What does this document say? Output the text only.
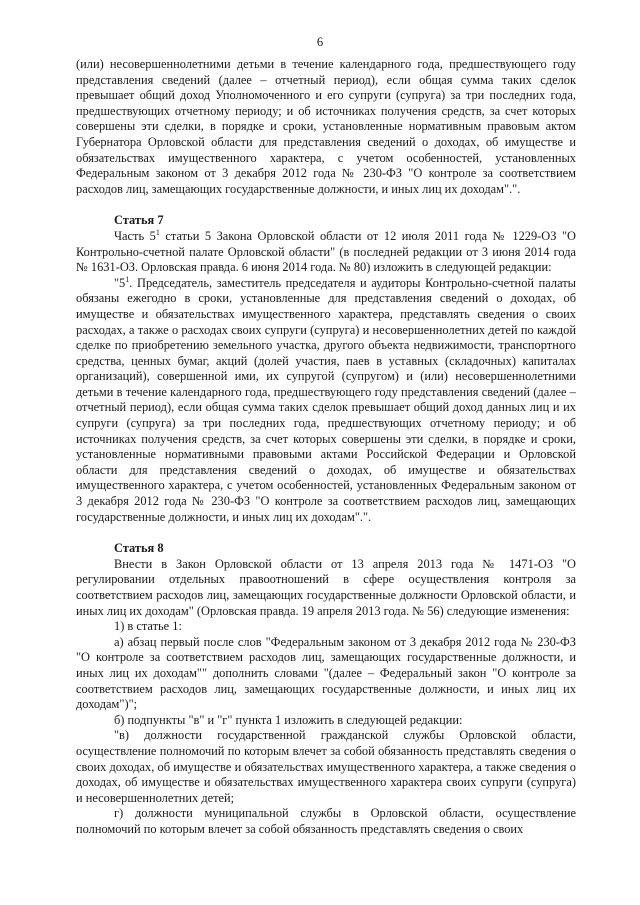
6

(или) несовершеннолетними детьми в течение календарного года, предшествующего году представления сведений (далее – отчетный период), если общая сумма таких сделок превышает общий доход Уполномоченного и его супруги (супруга) за три последних года, предшествующих отчетному периоду; и об источниках получения средств, за счет которых совершены эти сделки, в порядке и сроки, установленные нормативным правовым актом Губернатора Орловской области для представления сведений о доходах, об имуществе и обязательствах имущественного характера, с учетом особенностей, установленных Федеральным законом от 3 декабря 2012 года № 230-ФЗ "О контроле за соответствием расходов лиц, замещающих государственные должности, и иных лиц их доходам".".

Статья 7

Часть $5^1$ статьи 5 Закона Орловской области от 12 июля 2011 года № 1229-ОЗ "О Контрольно-счетной палате Орловской области" (в последней редакции от 3 июня 2014 года № 1631-ОЗ. Орловская правда. 6 июня 2014 года. № 80) изложить в следующей редакции:

"$5^1$. Председатель, заместитель председателя и аудиторы Контрольно-счетной палаты обязаны ежегодно в сроки, установленные для представления сведений о доходах, об имуществе и обязательствах имущественного характера, представлять сведения о своих расходах, а также о расходах своих супруги (супруга) и несовершеннолетних детей по каждой сделке по приобретению земельного участка, другого объекта недвижимости, транспортного средства, ценных бумаг, акций (долей участия, паев в уставных (складочных) капиталах организаций), совершенной ими, их супругой (супругом) и (или) несовершеннолетними детьми в течение календарного года, предшествующего году представления сведений (далее – отчетный период), если общая сумма таких сделок превышает общий доход данных лиц и их супруги (супруга) за три последних года, предшествующих отчетному периоду; и об источниках получения средств, за счет которых совершены эти сделки, в порядке и сроки, установленные нормативными правовыми актами Российской Федерации и Орловской области для представления сведений о доходах, об имуществе и обязательствах имущественного характера, с учетом особенностей, установленных Федеральным законом от 3 декабря 2012 года № 230-ФЗ "О контроле за соответствием расходов лиц, замещающих государственные должности, и иных лиц их доходам".".

Статья 8

Внести в Закон Орловской области от 13 апреля 2013 года № 1471-ОЗ "О регулировании отдельных правоотношений в сфере осуществления контроля за соответствием расходов лиц, замещающих государственные должности Орловской области, и иных лиц их доходам" (Орловская правда. 19 апреля 2013 года. № 56) следующие изменения:

1) в статье 1:

а) абзац первый после слов "Федеральным законом от 3 декабря 2012 года № 230-ФЗ "О контроле за соответствием расходов лиц, замещающих государственные должности, и иных лиц их доходам"" дополнить словами "(далее – Федеральный закон "О контроле за соответствием расходов лиц, замещающих государственные должности, и иных лиц их доходам")";

б) подпункты "в" и "г" пункта 1 изложить в следующей редакции:

"в) должности государственной гражданской службы Орловской области, осуществление полномочий по которым влечет за собой обязанность представлять сведения о своих доходах, об имуществе и обязательствах имущественного характера, а также сведения о доходах, об имуществе и обязательствах имущественного характера своих супруги (супруга) и несовершеннолетних детей;

г) должности муниципальной службы в Орловской области, осуществление полномочий по которым влечет за собой обязанность представлять сведения о своих
